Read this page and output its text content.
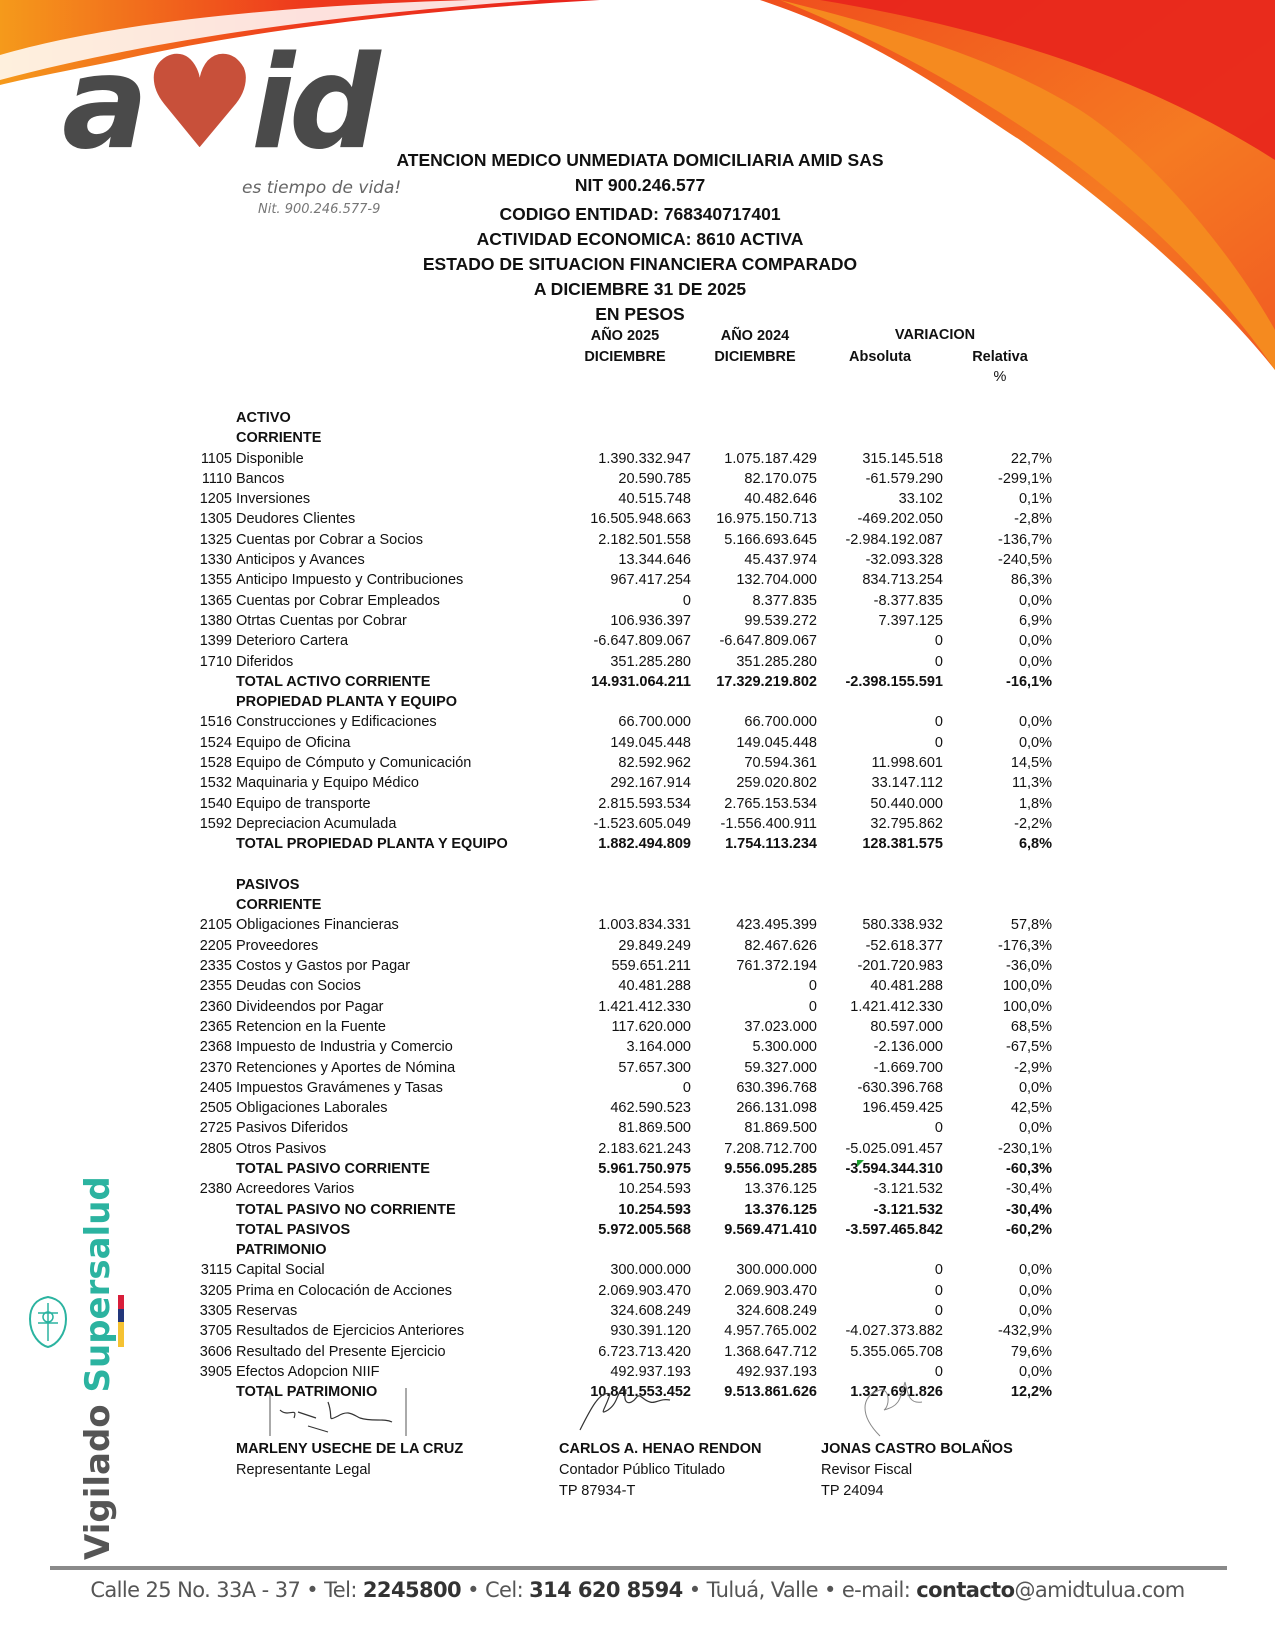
a♥id
es tiempo de vida!
Nit. 900.246.577-9
ATENCION MEDICO UNMEDIATA DOMICILIARIA AMID SAS
NIT 900.246.577
CODIGO ENTIDAD: 768340717401
ACTIVIDAD ECONOMICA: 8610 ACTIVA
ESTADO DE SITUACION FINANCIERA COMPARADO
A DICIEMBRE 31 DE 2025
EN PESOS
AÑO 2025
DICIEMBRE
AÑO 2024
DICIEMBRE
VARIACION
Absoluta	Relativa
%
ACTIVO
CORRIENTE
1105 Disponible	1.390.332.947 1.075.187.429	315.145.518	22,7%
1110 Bancos	20.590.785	82.170.075	-61.579.290	-299,1%
1205 Inversiones	40.515.748	40.482.646	33.102	0,1%
1305 Deudores Clientes	16.505.948.663 16.975.150.713	-469.202.050	-2,8%
1325 Cuentas por Cobrar a Socios	2.182.501.558 5.166.693.645 -2.984.192.087	-136,7%
1330 Anticipos y Avances	13.344.646	45.437.974	-32.093.328	-240,5%
1355 Anticipo Impuesto y Contribuciones	967.417.254	132.704.000	834.713.254	86,3%
1365 Cuentas por Cobrar Empleados	0	8.377.835	-8.377.835	0,0%
1380 Otrtas Cuentas por Cobrar	106.936.397	99.539.272	7.397.125	6,9%
1399 Deterioro Cartera	-6.647.809.067 -6.647.809.067	0	0,0%
1710 Diferidos	351.285.280	351.285.280	0	0,0%
TOTAL ACTIVO CORRIENTE	14.931.064.211 17.329.219.802 -2.398.155.591	-16,1%
PROPIEDAD PLANTA Y EQUIPO
1516 Construcciones y Edificaciones	66.700.000	66.700.000	0	0,0%
1524 Equipo de Oficina	149.045.448	149.045.448	0	0,0%
1528 Equipo de Cómputo y Comunicación	82.592.962	70.594.361	11.998.601	14,5%
1532 Maquinaria y Equipo Médico	292.167.914	259.020.802	33.147.112	11,3%
1540 Equipo de transporte	2.815.593.534 2.765.153.534	50.440.000	1,8%
1592 Depreciacion Acumulada	-1.523.605.049 -1.556.400.911	32.795.862	-2,2%
TOTAL PROPIEDAD PLANTA Y EQUIPO	1.882.494.809 1.754.113.234	128.381.575	6,8%
TOTAL ACTIVOS	16.813.559.020 19.083.333.036 -2.269.774.016	-13,5%
PASIVOS
CORRIENTE
2105 Obligaciones Financieras	1.003.834.331	423.495.399	580.338.932	57,8%
2205 Proveedores	29.849.249	82.467.626	-52.618.377	-176,3%
2335 Costos y Gastos por Pagar	559.651.211	761.372.194	-201.720.983	-36,0%
2355 Deudas con Socios	40.481.288	0	40.481.288	100,0%
2360 Divideendos por Pagar	1.421.412.330	0 1.421.412.330	100,0%
2365 Retencion en la Fuente	117.620.000	37.023.000	80.597.000	68,5%
2368 Impuesto de Industria y Comercio	3.164.000	5.300.000	-2.136.000	-67,5%
2370 Retenciones y Aportes de Nómina	57.657.300	59.327.000	-1.669.700	-2,9%
2405 Impuestos Gravámenes y Tasas	0	630.396.768	-630.396.768	0,0%
2505 Obligaciones Laborales	462.590.523	266.131.098	196.459.425	42,5%
2725 Pasivos Diferidos	81.869.500	81.869.500	0	0,0%
2805 Otros Pasivos	2.183.621.243 7.208.712.700 -5.025.091.457	-230,1%
TOTAL PASIVO CORRIENTE	5.961.750.975 9.556.095.285 -3.594.344.310	-60,3%
2380 Acreedores Varios	10.254.593	13.376.125	-3.121.532	-30,4%
TOTAL PASIVO NO CORRIENTE	10.254.593	13.376.125	-3.121.532	-30,4%
TOTAL PASIVOS	5.972.005.568 9.569.471.410 -3.597.465.842	-60,2%
PATRIMONIO
3115 Capital Social	300.000.000	300.000.000	0	0,0%
3205 Prima en Colocación de Acciones	2.069.903.470 2.069.903.470	0	0,0%
3305 Reservas	324.608.249	324.608.249	0	0,0%
3705 Resultados de Ejercicios Anteriores	930.391.120 4.957.765.002 -4.027.373.882	-432,9%
3606 Resultado del Presente Ejercicio	6.723.713.420 1.368.647.712 5.355.065.708	79,6%
3905 Efectos Adopcion NIIF	492.937.193	492.937.193	0	0,0%
TOTAL PATRIMONIO	10.841.553.452 9.513.861.626 1.327.691.826	12,2%
TOTAL PASIVO MAS PATRIMONIO	16.813.559.020 19.083.333.036 -2.266.652.484	-13,5%
MARLENY USECHE DE LA CRUZ
Representante Legal
CARLOS A. HENAO RENDON
Contador Público Titulado
TP 87934-T
JONAS CASTRO BOLAÑOS
Revisor Fiscal
TP 24094
Vigilado Supersalud
Calle 25 No. 33A - 37 • Tel: 2245800 • Cel: 314 620 8594 • Tuluá, Valle • e-mail: contacto@amidtulua.com
